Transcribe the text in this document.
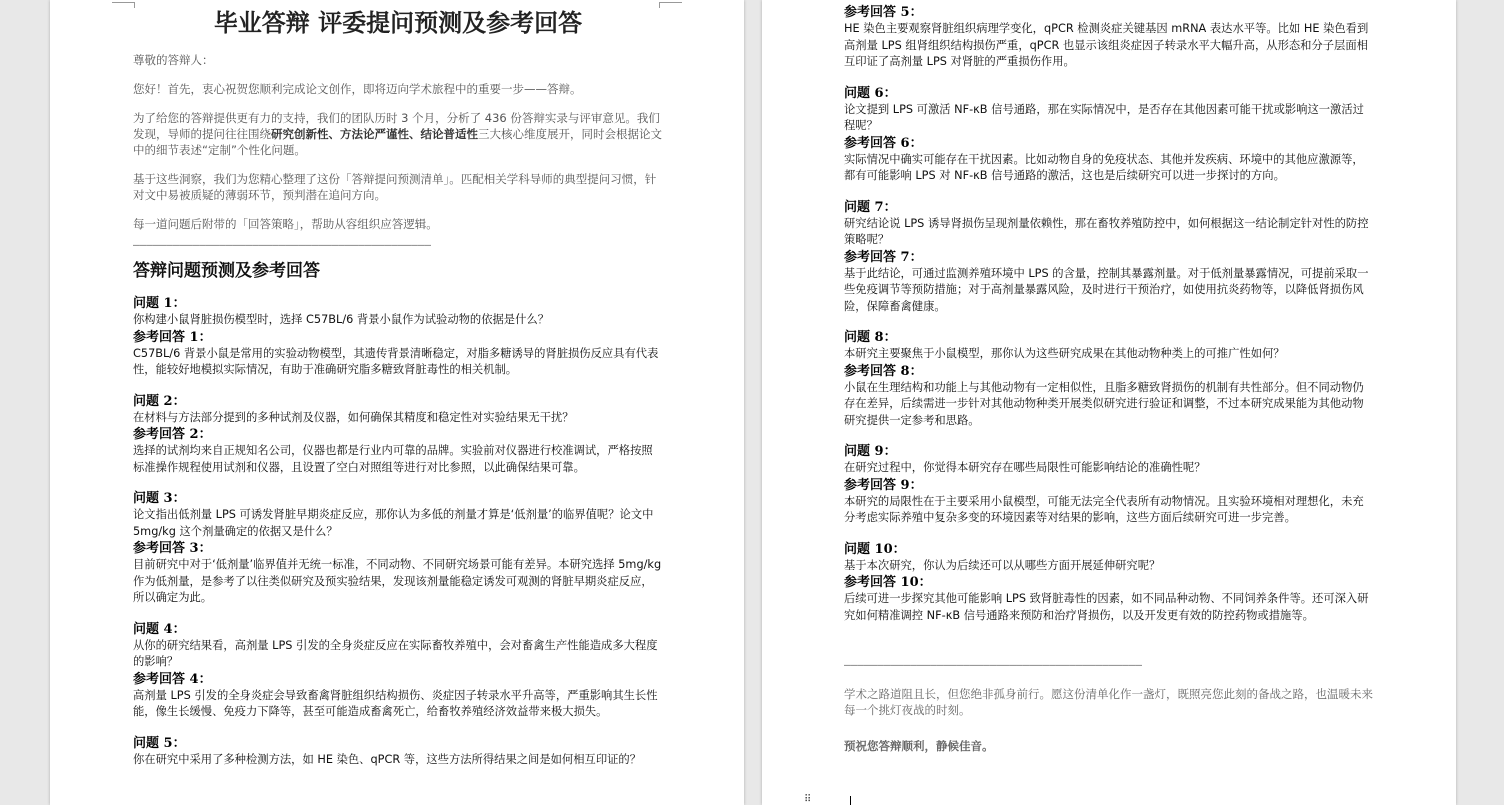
毕业答辩 评委提问预测及参考回答

尊敬的答辩人：

您好！首先，衷心祝贺您顺利完成论文创作，即将迈向学术旅程中的重要一步——答辩。

为了给您的答辩提供更有力的支持，我们的团队历时 3 个月，分析了 436 份答辩实录与评审意见。我们发现，导师的提问往往围绕研究创新性、方法论严谨性、结论普适性三大核心维度展开，同时会根据论文中的细节表述“定制”个性化问题。

基于这些洞察，我们为您精心整理了这份「答辩提问预测清单」。匹配相关学科导师的典型提问习惯，针对文中易被质疑的薄弱环节，预判潜在追问方向。

每一道问题后附带的「回答策略」，帮助从容组织应答逻辑。

—————————————————————————————————————————————
答辩问题预测及参考回答

问题 1：

你构建小鼠肾脏损伤模型时，选择 C57BL/6 背景小鼠作为试验动物的依据是什么？

参考回答 1：

C57BL/6 背景小鼠是常用的实验动物模型，其遗传背景清晰稳定，对脂多糖诱导的肾脏损伤反应具有代表性，能较好地模拟实际情况，有助于准确研究脂多糖致肾脏毒性的相关机制。

问题 2：

在材料与方法部分提到的多种试剂及仪器，如何确保其精度和稳定性对实验结果无干扰？

参考回答 2：

选择的试剂均来自正规知名公司，仪器也都是行业内可靠的品牌。实验前对仪器进行校准调试，严格按照标准操作规程使用试剂和仪器，且设置了空白对照组等进行对比参照，以此确保结果可靠。

问题 3：

论文指出低剂量 LPS 可诱发肾脏早期炎症反应，那你认为多低的剂量才算是‘低剂量’的临界值呢？论文中 5mg/kg 这个剂量确定的依据又是什么？

参考回答 3：

目前研究中对于‘低剂量’临界值并无统一标准，不同动物、不同研究场景可能有差异。本研究选择 5mg/kg 作为低剂量，是参考了以往类似研究及预实验结果，发现该剂量能稳定诱发可观测的肾脏早期炎症反应，所以确定为此。

问题 4：

从你的研究结果看，高剂量 LPS 引发的全身炎症反应在实际畜牧养殖中，会对畜禽生产性能造成多大程度的影响？

参考回答 4：

高剂量 LPS 引发的全身炎症会导致畜禽肾脏组织结构损伤、炎症因子转录水平升高等，严重影响其生长性能，像生长缓慢、免疫力下降等，甚至可能造成畜禽死亡，给畜牧养殖经济效益带来极大损失。

问题 5：

你在研究中采用了多种检测方法，如 HE 染色、qPCR 等，这些方法所得结果之间是如何相互印证的？

参考回答 5：

HE 染色主要观察肾脏组织病理学变化，qPCR 检测炎症关键基因 mRNA 表达水平等。比如 HE 染色看到高剂量 LPS 组肾组织结构损伤严重，qPCR 也显示该组炎症因子转录水平大幅升高，从形态和分子层面相互印证了高剂量 LPS 对肾脏的严重损伤作用。

问题 6：

论文提到 LPS 可激活 NF-κB 信号通路，那在实际情况中，是否存在其他因素可能干扰或影响这一激活过程呢？

参考回答 6：

实际情况中确实可能存在干扰因素。比如动物自身的免疫状态、其他并发疾病、环境中的其他应激源等，都有可能影响 LPS 对 NF-κB 信号通路的激活，这也是后续研究可以进一步探讨的方向。

问题 7：

研究结论说 LPS 诱导肾损伤呈现剂量依赖性，那在畜牧养殖防控中，如何根据这一结论制定针对性的防控策略呢？

参考回答 7：

基于此结论，可通过监测养殖环境中 LPS 的含量，控制其暴露剂量。对于低剂量暴露情况，可提前采取一些免疫调节等预防措施；对于高剂量暴露风险，及时进行干预治疗，如使用抗炎药物等，以降低肾损伤风险，保障畜禽健康。

问题 8：

本研究主要聚焦于小鼠模型，那你认为这些研究成果在其他动物种类上的可推广性如何？

参考回答 8：

小鼠在生理结构和功能上与其他动物有一定相似性，且脂多糖致肾损伤的机制有共性部分。但不同动物仍存在差异，后续需进一步针对其他动物种类开展类似研究进行验证和调整，不过本研究成果能为其他动物研究提供一定参考和思路。

问题 9：

在研究过程中，你觉得本研究存在哪些局限性可能影响结论的准确性呢？

参考回答 9：

本研究的局限性在于主要采用小鼠模型，可能无法完全代表所有动物情况。且实验环境相对理想化，未充分考虑实际养殖中复杂多变的环境因素等对结果的影响，这些方面后续研究可进一步完善。

问题 10：

基于本次研究，你认为后续还可以从哪些方面开展延伸研究呢？

参考回答 10：

后续可进一步探究其他可能影响 LPS 致肾脏毒性的因素，如不同品种动物、不同饲养条件等。还可深入研究如何精准调控 NF-κB 信号通路来预防和治疗肾损伤，以及开发更有效的防控药物或措施等。

—————————————————————————————————————————————

学术之路道阻且长，但您绝非孤身前行。愿这份清单化作一盏灯，既照亮您此刻的备战之路，也温暖未来每一个挑灯夜战的时刻。

预祝您答辩顺利，静候佳音。

⠿
